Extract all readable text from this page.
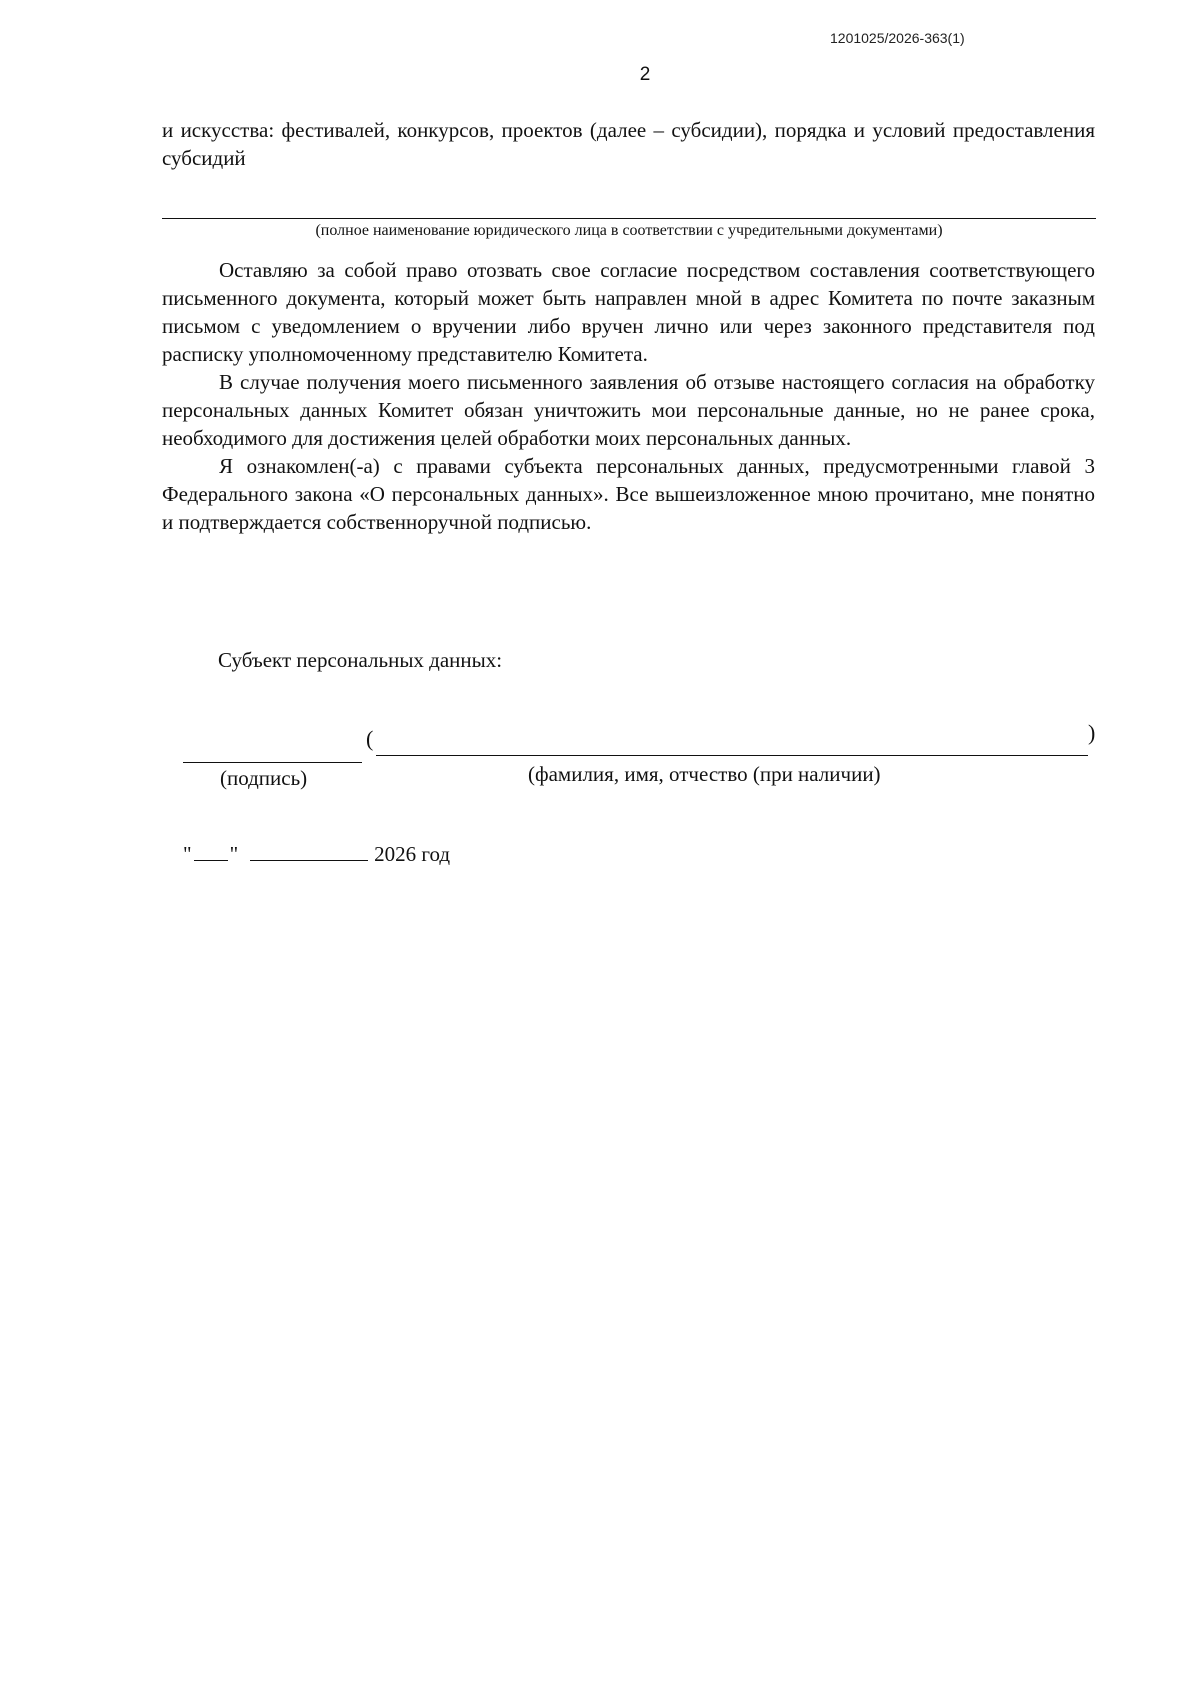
1201025/2026-363(1)
2

и искусства: фестивалей, конкурсов, проектов (далее – субсидии), порядка и условий предоставления субсидий

(полное наименование юридического лица в соответствии с учредительными документами)

Оставляю за собой право отозвать свое согласие посредством составления соответствующего письменного документа, который может быть направлен мной в адрес Комитета по почте заказным письмом с уведомлением о вручении либо вручен лично или через законного представителя под расписку уполномоченному представителю Комитета.

В случае получения моего письменного заявления об отзыве настоящего согласия на обработку персональных данных Комитет обязан уничтожить мои персональные данные, но не ранее срока, необходимого для достижения целей обработки моих персональных данных.

Я ознакомлен(-а) с правами субъекта персональных данных, предусмотренными главой 3 Федерального закона «О персональных данных». Все вышеизложенное мною прочитано, мне понятно и подтверждается собственноручной подписью.

Субъект персональных данных:
(	)
(подпись)	(фамилия, имя, отчество (при наличии)
" "	2026 год
